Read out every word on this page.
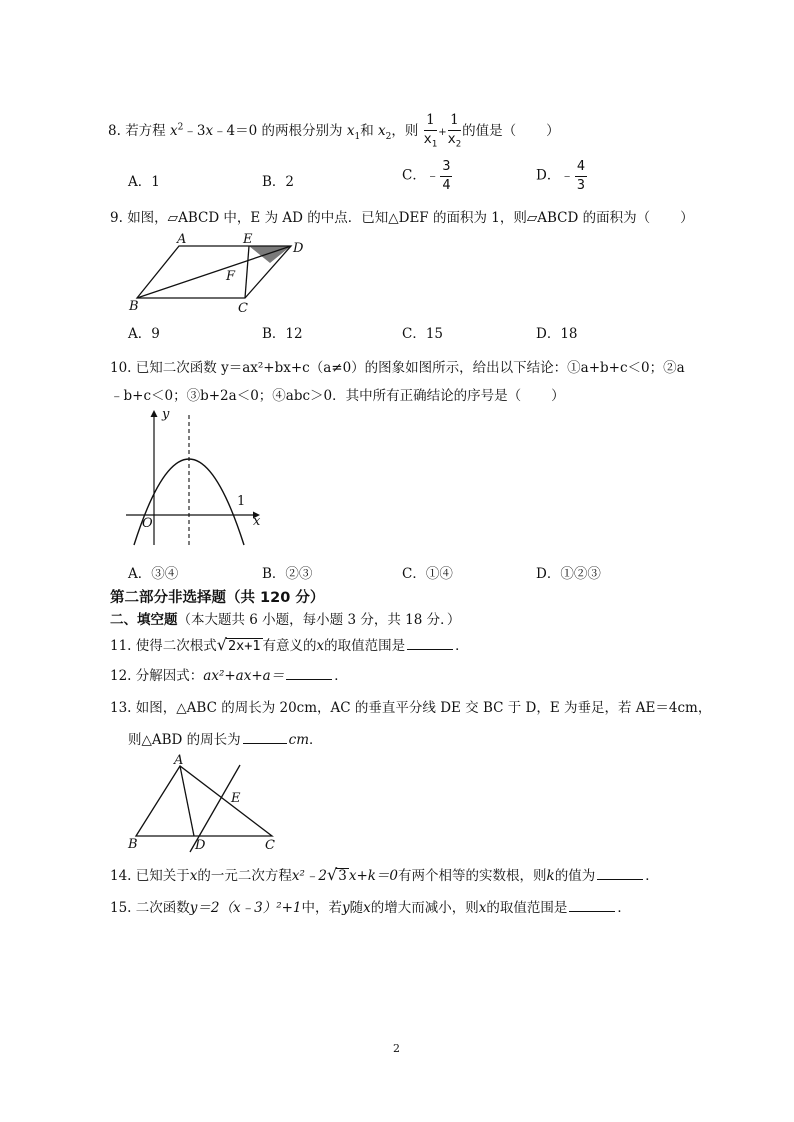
8. 若方程 $x^2﹣3x﹣4=0$ 的两根分别为 $x_1$和 $x_2$，则 $\frac{1}{x_1} + \frac{1}{x_2}$ 的值是（ ）
A．1	B．2	C．﹣ $\frac{3}{4}$	D．﹣ $\frac{4}{3}$
9. 如图，▱ABCD 中，E 为 AD 的中点．已知△DEF 的面积为 1，则▱ABCD 的面积为（ ）
A	E
D
F
B	C
A．9	B．12	C．15	D．18
10. 已知二次函数 y＝ax²+bx+c（a≠0）的图象如图所示，给出以下结论：①a+b+c＜0；②a
﹣b+c＜0；③b+2a＜0；④abc＞0．其中所有正确结论的序号是（ ）
y
x
O
1
A．③④	B．②③	C．①④	D．①②③
第二部分非选择题（共 120 分）
二、填空题（本大题共 6 小题，每小题 3 分，共 18 分．）
11. 使得二次根式√2x+1 有意义的x的取值范围是	．
12. 分解因式：ax²+ax+a＝	．
13. 如图，△ABC 的周长为 20cm，AC 的垂直平分线 DE 交 BC 于 D，E 为垂足，若 AE＝4cm，
则△ABD 的周长为	cm．
A
E
B	D	C
14. 已知关于x的一元二次方程x²﹣2√3 x+k＝0有两个相等的实数根，则k的值为	．
15. 二次函数y＝2（x﹣3）²+1中，若y随x的增大而减小，则x的取值范围是	．
2
